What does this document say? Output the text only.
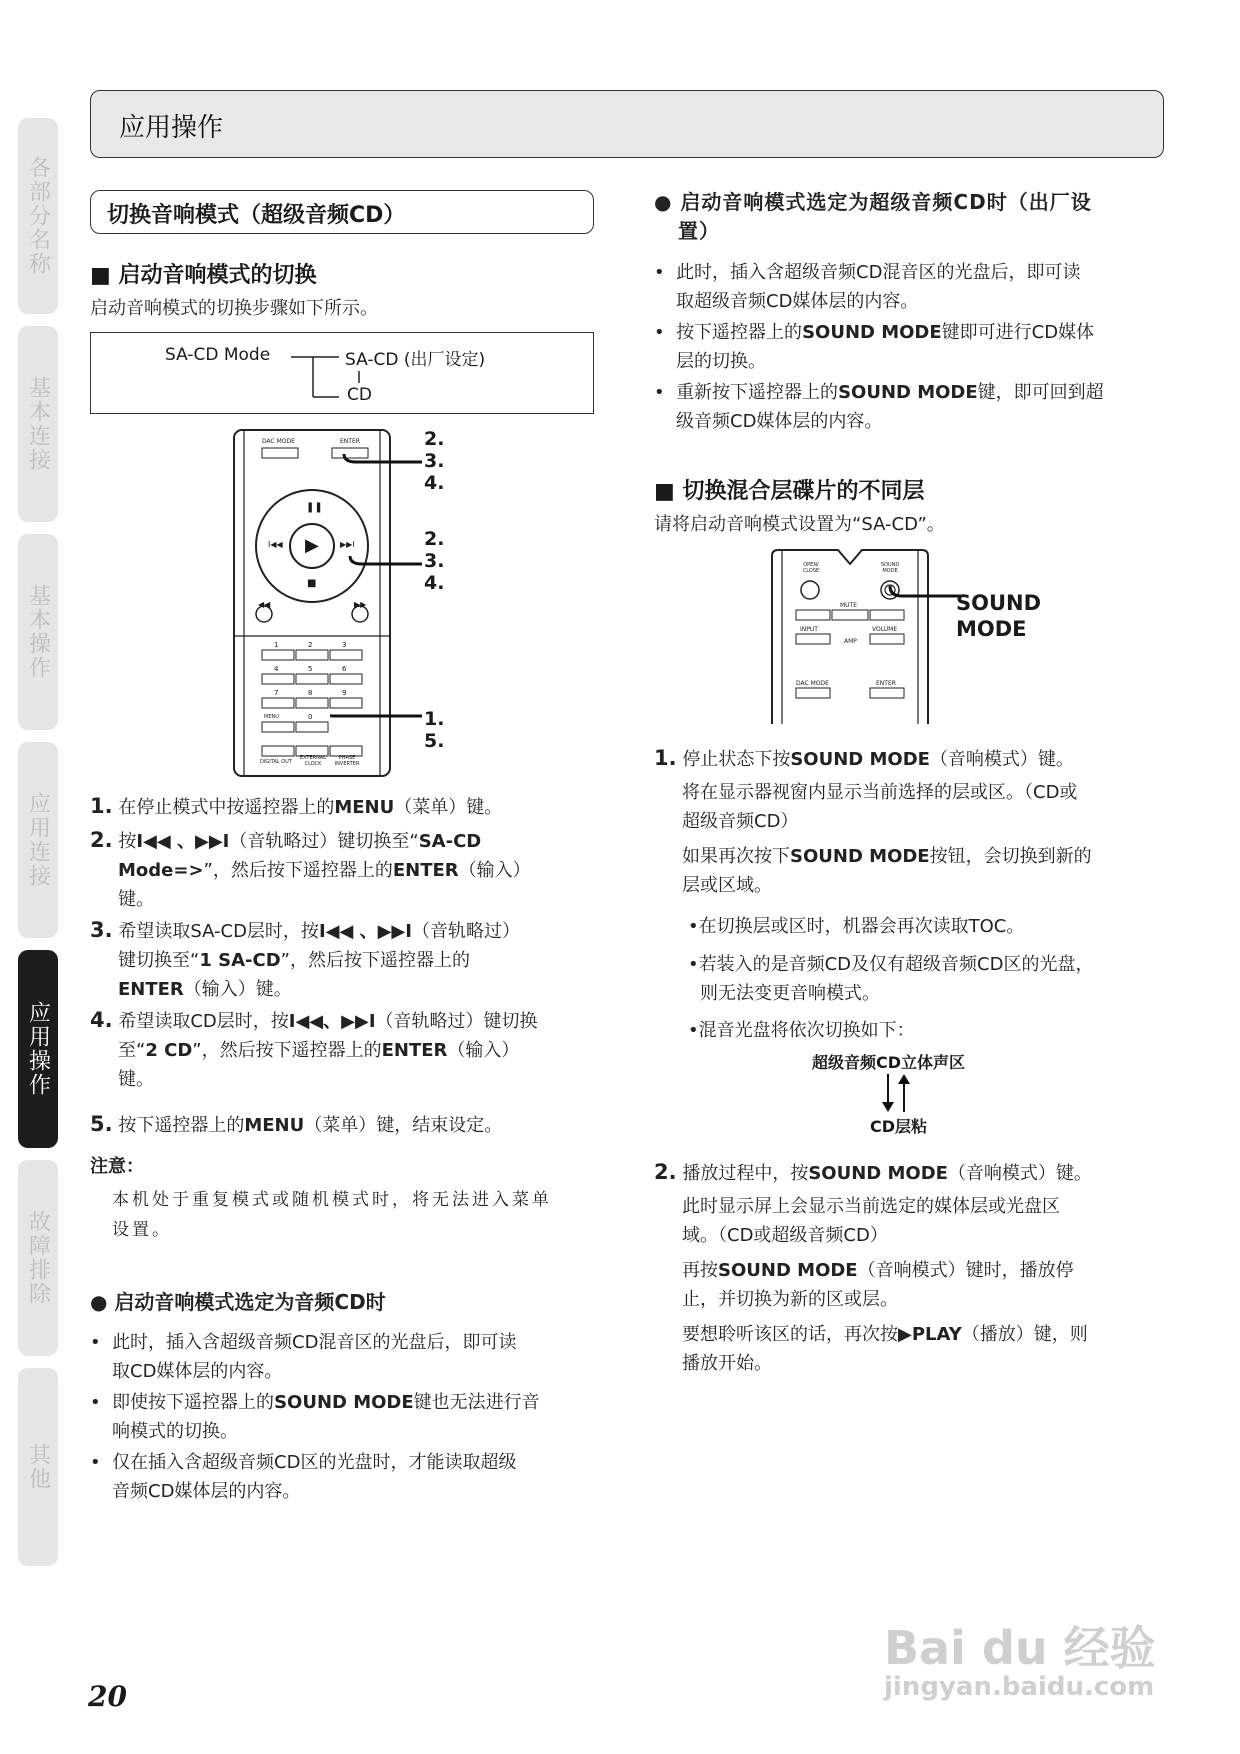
各部分名称
基本连接
基本操作
应用连接
应用操作
故障排除
其他
应用操作
切换音响模式（超级音频CD）
■ 启动音响模式的切换
启动音响模式的切换步骤如下所示。
SA-CD Mode	SA-CD (出厂设定)
CD
DAC MODE	ENTER
▶
❚❚
■
I◀◀	▶▶I
◀◀	▶▶
1	2	3
4	5	6
7	8	9
MENU	0
DIGITAL OUT
EXTERNAL CLOCK
PHASE INVERTER
2.
3.
4.
2.
3.
4.
1.
5.
1. 在停止模式中按遥控器上的MENU（菜单）键。
2. 按I◀◀ 、▶▶I（音轨略过）键切换至“SA-CD
Mode=>”，然后按下遥控器上的ENTER（输入）
键。
3. 希望读取SA-CD层时，按I◀◀ 、▶▶I（音轨略过）
键切换至“1 SA-CD”，然后按下遥控器上的
ENTER（输入）键。
4. 希望读取CD层时，按I◀◀、▶▶I（音轨略过）键切换
至“2 CD”，然后按下遥控器上的ENTER（输入）
键。
5. 按下遥控器上的MENU（菜单）键，结束设定。
注意：
本机处于重复模式或随机模式时，将无法进入菜单
设置。
● 启动音响模式选定为音频CD时
•  此时，插入含超级音频CD混音区的光盘后，即可读
取CD媒体层的内容。
•  即使按下遥控器上的SOUND MODE键也无法进行音
响模式的切换。
•  仅在插入含超级音频CD区的光盘时，才能读取超级
音频CD媒体层的内容。
● 启动音响模式选定为超级音频CD时（出厂设
置）
•  此时，插入含超级音频CD混音区的光盘后，即可读
取超级音频CD媒体层的内容。
•  按下遥控器上的SOUND MODE键即可进行CD媒体
层的切换。
•  重新按下遥控器上的SOUND MODE键，即可回到超
级音频CD媒体层的内容。
■ 切换混合层碟片的不同层
请将启动音响模式设置为“SA-CD”。
OPEN/ CLOSE
SOUND MODE
MUTE
INPUT	VOLUME
AMP
DAC MODE	ENTER
SOUND MODE
1. 停止状态下按SOUND MODE（音响模式）键。
将在显示器视窗内显示当前选择的层或区。（CD或
超级音频CD）
如果再次按下SOUND MODE按钮，会切换到新的
层或区域。
•在切换层或区时，机器会再次读取TOC。
•若装入的是音频CD及仅有超级音频CD区的光盘，
则无法变更音响模式。
•混音光盘将依次切换如下：
超级音频CD立体声区
CD层粘
2. 播放过程中，按SOUND MODE（音响模式）键。
此时显示屏上会显示当前选定的媒体层或光盘区
域。（CD或超级音频CD）
再按SOUND MODE（音响模式）键时，播放停
止，并切换为新的区或层。
要想聆听该区的话，再次按▶PLAY（播放）键，则
播放开始。
20
Bai du 经验
jingyan.baidu.com
